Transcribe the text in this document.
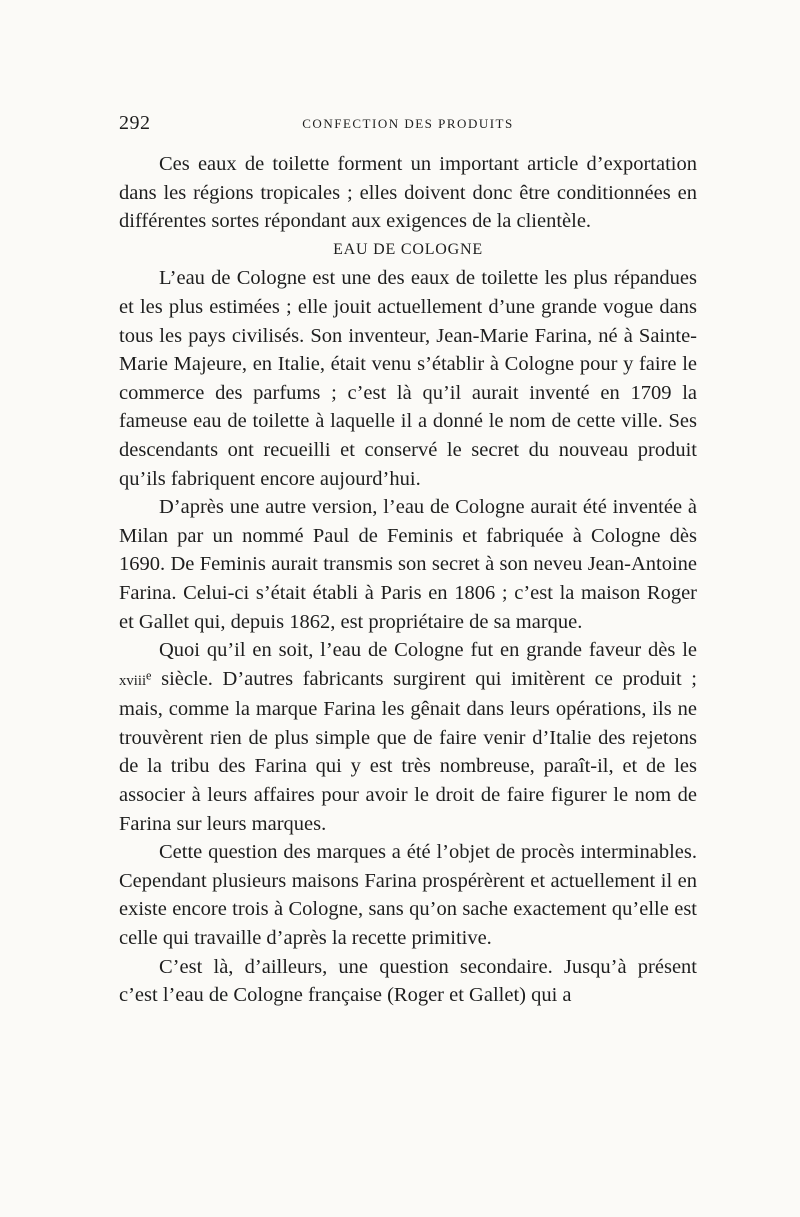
292	CONFECTION DES PRODUITS

Ces eaux de toilette forment un important article d’exportation dans les régions tropicales ; elles doivent donc être conditionnées en différentes sortes répondant aux exigences de la clientèle.

EAU DE COLOGNE

L’eau de Cologne est une des eaux de toilette les plus répandues et les plus estimées ; elle jouit actuellement d’une grande vogue dans tous les pays civilisés. Son inventeur, Jean-Marie Farina, né à Sainte-Marie Majeure, en Italie, était venu s’établir à Cologne pour y faire le commerce des parfums ; c’est là qu’il aurait inventé en 1709 la fameuse eau de toilette à laquelle il a donné le nom de cette ville. Ses descendants ont recueilli et conservé le secret du nouveau produit qu’ils fabriquent encore aujourd’hui.

D’après une autre version, l’eau de Cologne aurait été inventée à Milan par un nommé Paul de Feminis et fabriquée à Cologne dès 1690. De Feminis aurait transmis son secret à son neveu Jean-Antoine Farina. Celui-ci s’était établi à Paris en 1806 ; c’est la maison Roger et Gallet qui, depuis 1862, est propriétaire de sa marque.

Quoi qu’il en soit, l’eau de Cologne fut en grande faveur dès le xviii$^e$ siècle. D’autres fabricants surgirent qui imitèrent ce produit ; mais, comme la marque Farina les gênait dans leurs opérations, ils ne trouvèrent rien de plus simple que de faire venir d’Italie des rejetons de la tribu des Farina qui y est très nombreuse, paraît-il, et de les associer à leurs affaires pour avoir le droit de faire figurer le nom de Farina sur leurs marques.

Cette question des marques a été l’objet de procès interminables. Cependant plusieurs maisons Farina prospérèrent et actuellement il en existe encore trois à Cologne, sans qu’on sache exactement qu’elle est celle qui travaille d’après la recette primitive.

C’est là, d’ailleurs, une question secondaire. Jusqu’à présent c’est l’eau de Cologne française (Roger et Gallet) qui a
